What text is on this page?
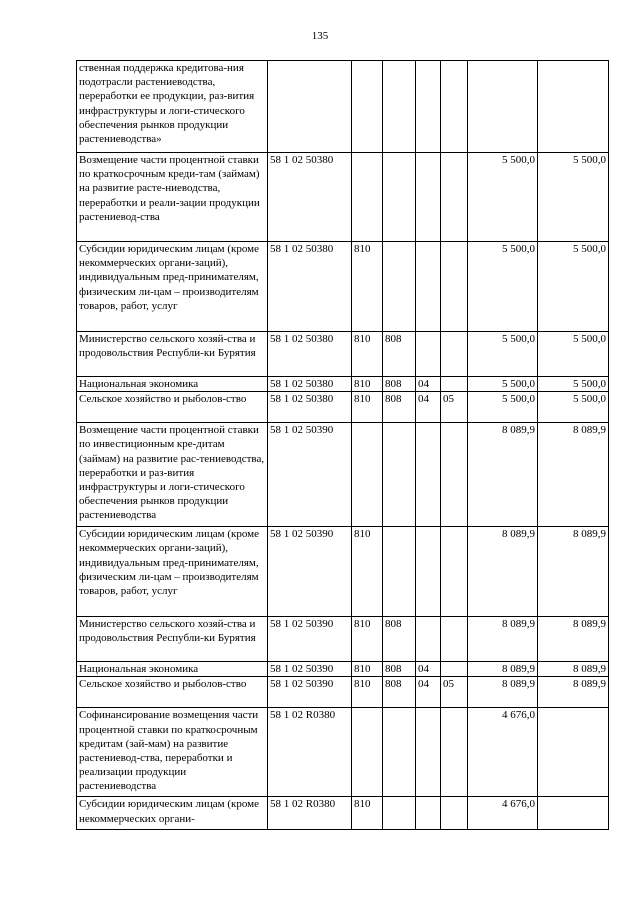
135
ственная поддержка кредитова-ния подотрасли растениеводства, переработки ее продукции, раз-вития инфраструктуры и логи-стического обеспечения рынков продукции растениеводства»							
Возмещение части процентной ставки по краткосрочным креди-там (займам) на развитие расте-ниеводства, переработки и реали-зации продукции растениевод-ства	58 1 02 50380					5 500,0	5 500,0
Субсидии юридическим лицам (кроме некоммерческих органи-заций), индивидуальным пред-принимателям, физическим ли-цам – производителям товаров, работ, услуг	58 1 02 50380	810				5 500,0	5 500,0
Министерство сельского хозяй-ства и продовольствия Республи-ки Бурятия	58 1 02 50380	810	808			5 500,0	5 500,0
Национальная экономика	58 1 02 50380	810	808	04		5 500,0	5 500,0
Сельское хозяйство и рыболов-ство	58 1 02 50380	810	808	04	05	5 500,0	5 500,0
Возмещение части процентной ставки по инвестиционным кре-дитам (займам) на развитие рас-тениеводства, переработки и раз-вития инфраструктуры и логи-стического обеспечения рынков продукции растениеводства	58 1 02 50390					8 089,9	8 089,9
Субсидии юридическим лицам (кроме некоммерческих органи-заций), индивидуальным пред-принимателям, физическим ли-цам – производителям товаров, работ, услуг	58 1 02 50390	810				8 089,9	8 089,9
Министерство сельского хозяй-ства и продовольствия Республи-ки Бурятия	58 1 02 50390	810	808			8 089,9	8 089,9
Национальная экономика	58 1 02 50390	810	808	04		8 089,9	8 089,9
Сельское хозяйство и рыболов-ство	58 1 02 50390	810	808	04	05	8 089,9	8 089,9
Софинансирование возмещения части процентной ставки по краткосрочным кредитам (зай-мам) на развитие растениевод-ства, переработки и реализации продукции растениеводства	58 1 02 R0380					4 676,0	
Субсидии юридическим лицам (кроме некоммерческих органи-	58 1 02 R0380	810				4 676,0	
